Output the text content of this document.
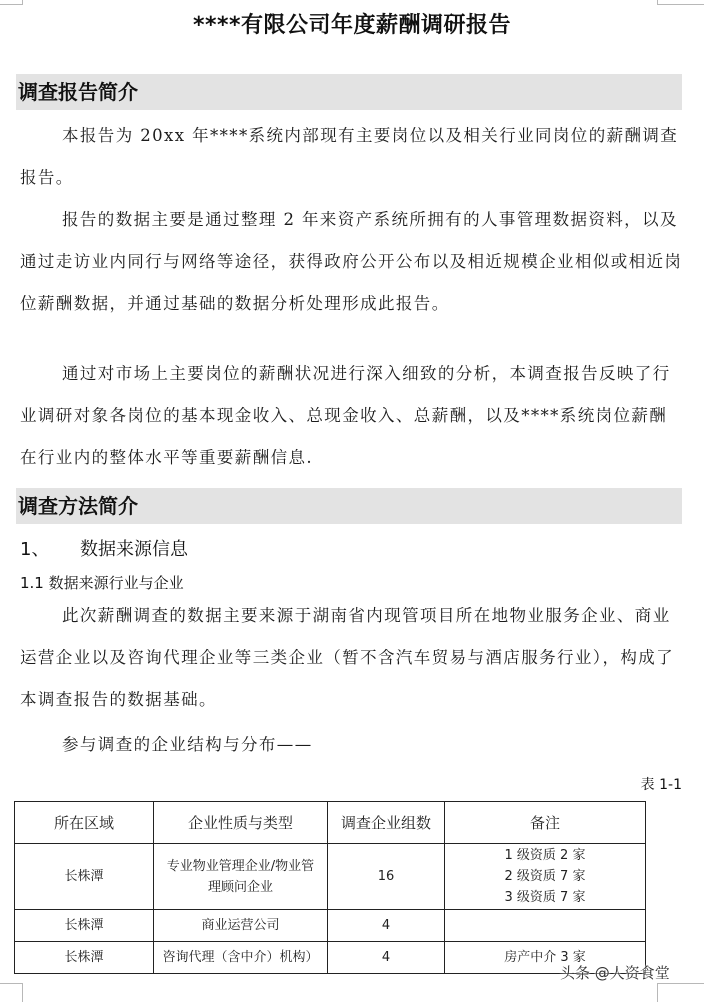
****有限公司年度薪酬调研报告
调查报告简介
本报告为 20xx 年****系统内部现有主要岗位以及相关行业同岗位的薪酬调查报告。
报告的数据主要是通过整理 2 年来资产系统所拥有的人事管理数据资料，以及通过走访业内同行与网络等途径，获得政府公开公布以及相近规模企业相似或相近岗位薪酬数据，并通过基础的数据分析处理形成此报告。
通过对市场上主要岗位的薪酬状况进行深入细致的分析，本调查报告反映了行业调研对象各岗位的基本现金收入、总现金收入、总薪酬，以及****系统岗位薪酬在行业内的整体水平等重要薪酬信息.
调查方法简介
1、 数据来源信息
1.1 数据来源行业与企业
此次薪酬调查的数据主要来源于湖南省内现管项目所在地物业服务企业、商业运营企业以及咨询代理企业等三类企业（暂不含汽车贸易与酒店服务行业），构成了本调查报告的数据基础。
参与调查的企业结构与分布——
表 1-1
所在区域	企业性质与类型	调查企业组数	备注
长株潭	专业物业管理企业/物业管理顾问企业	16	1 级资质 2 家
2 级资质 7 家
3 级资质 7 家

长株潭	商业运营公司	4	
长株潭	咨询代理（含中介）机构）	4	房产中介 3 家
头条 @人资食堂
